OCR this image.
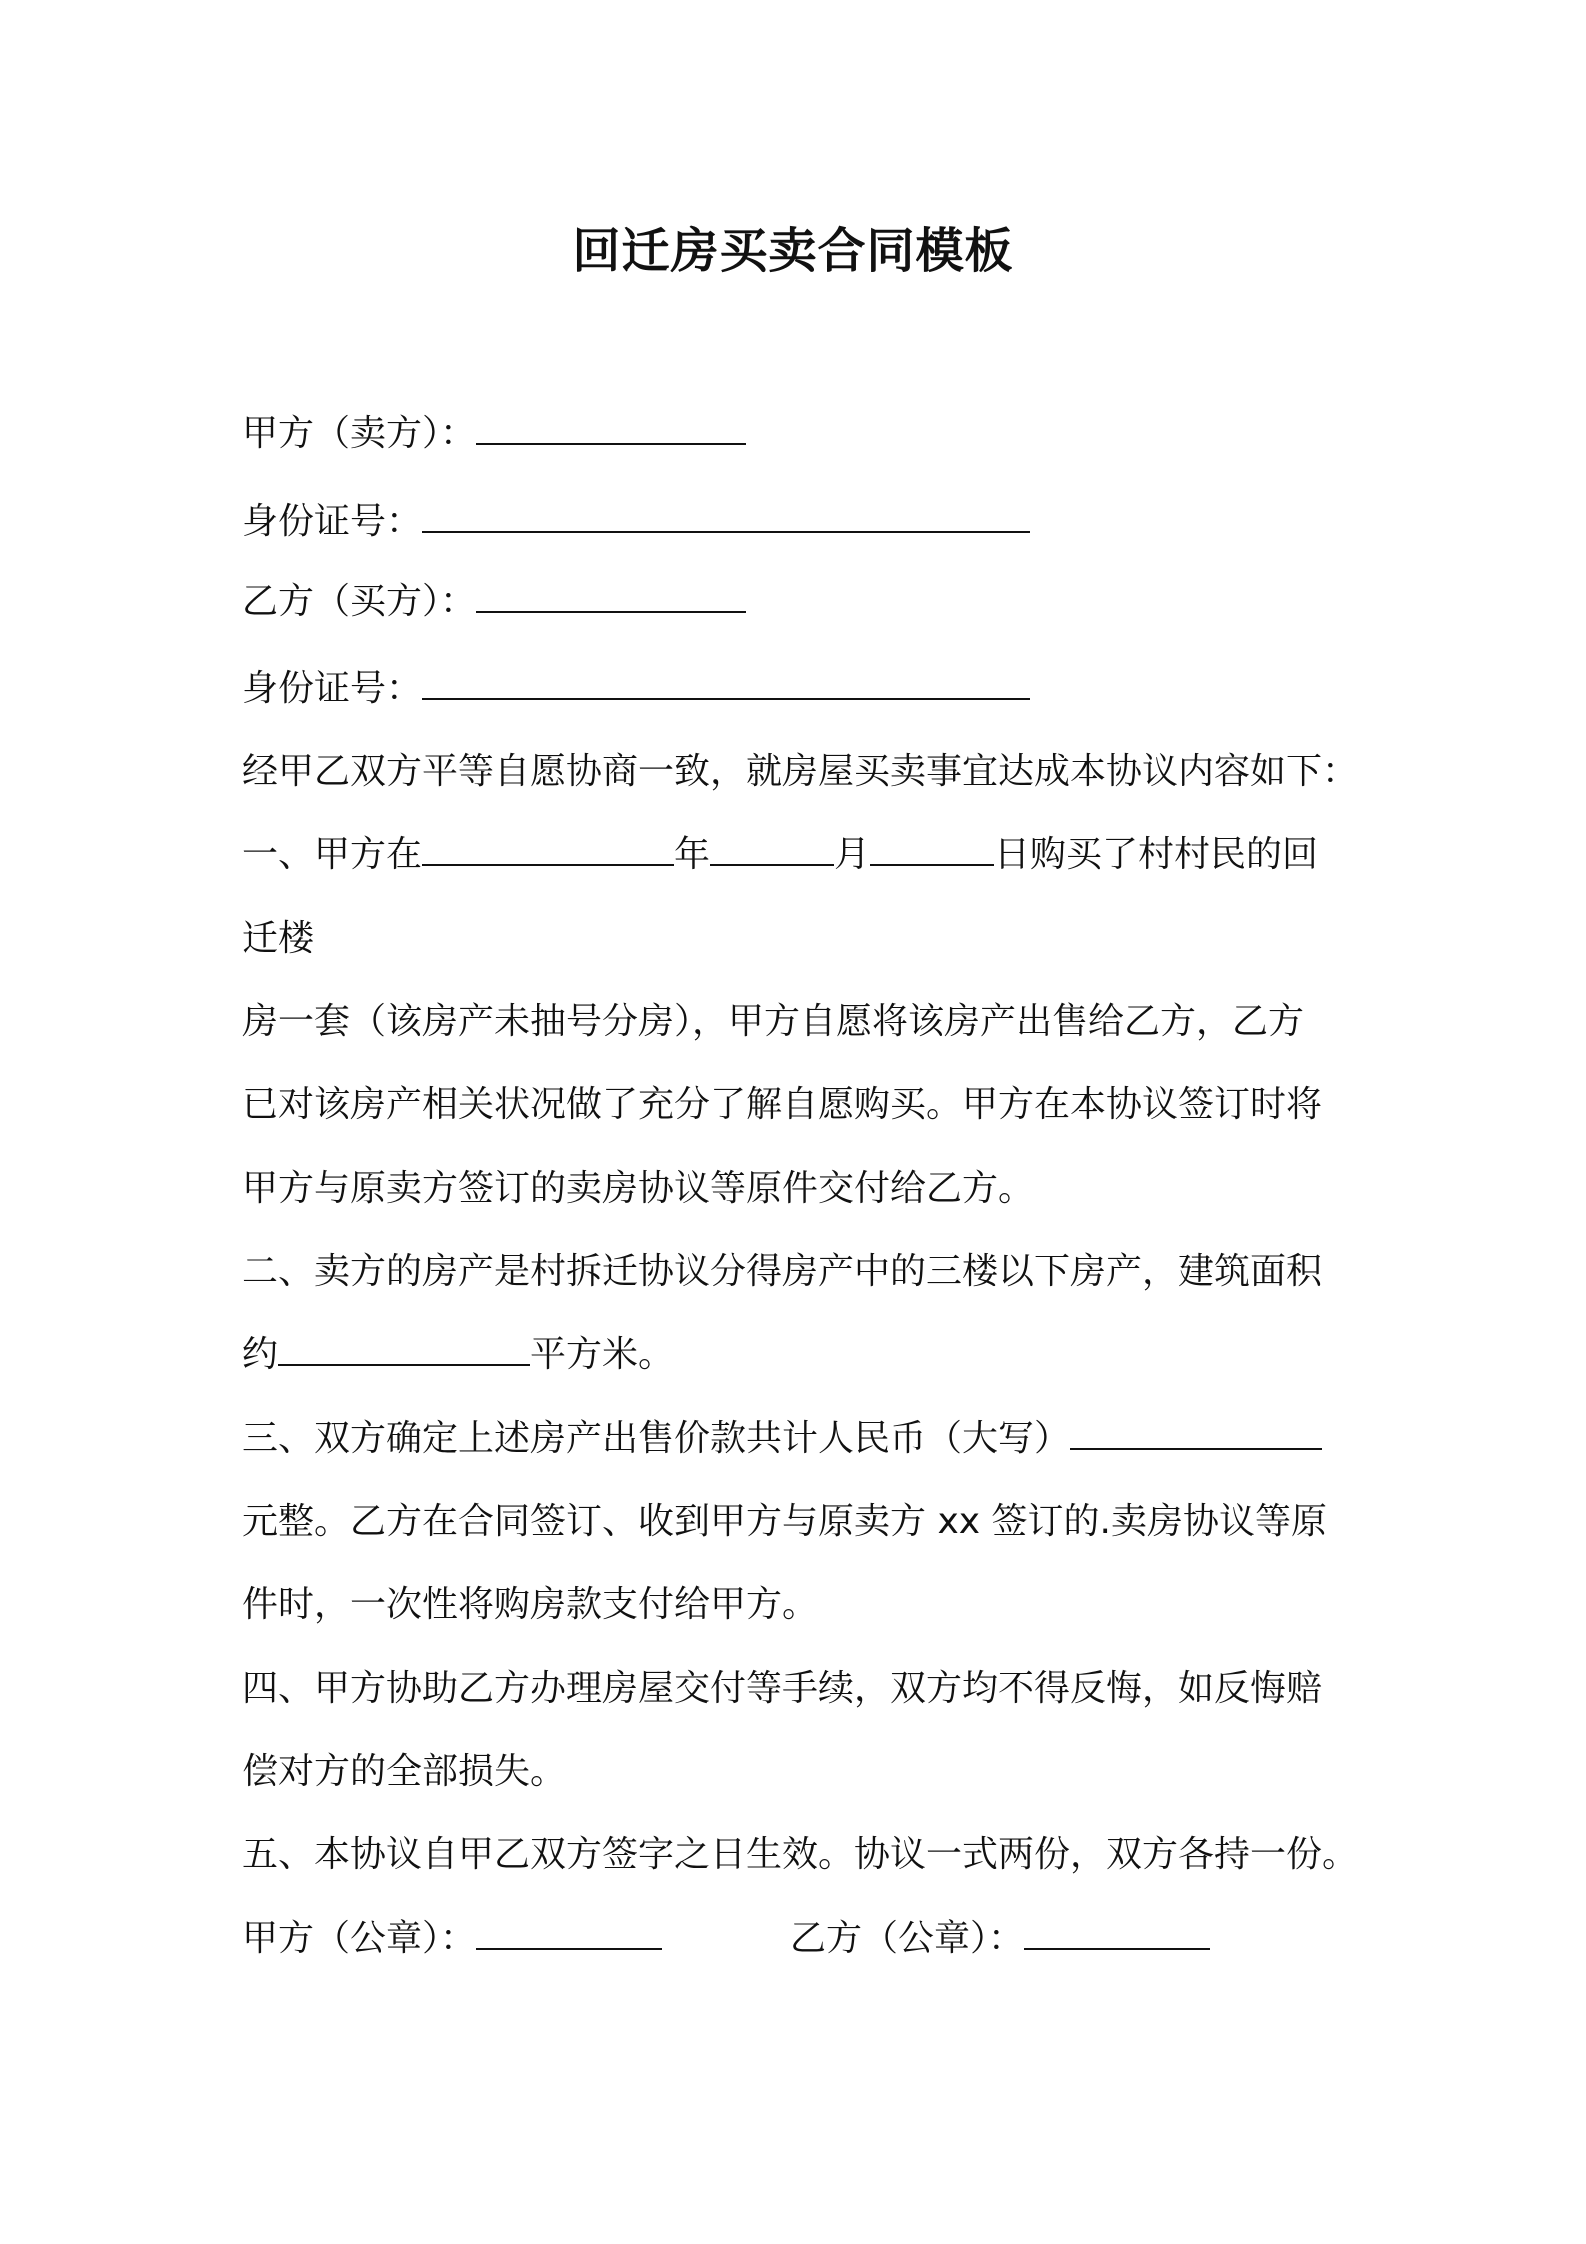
回迁房买卖合同模板
甲方（卖方）：
身份证号：
乙方（买方）：
身份证号：
经甲乙双方平等自愿协商一致，就房屋买卖事宜达成本协议内容如下：
一、甲方在	年	月	日购买了村村民的回
迁楼
房一套（该房产未抽号分房），甲方自愿将该房产出售给乙方，乙方
已对该房产相关状况做了充分了解自愿购买。甲方在本协议签订时将
甲方与原卖方签订的卖房协议等原件交付给乙方。
二、卖方的房产是村拆迁协议分得房产中的三楼以下房产，建筑面积
约	平方米。
三、双方确定上述房产出售价款共计人民币（大写）
元整。乙方在合同签订、收到甲方与原卖方 xx 签订的.卖房协议等原
件时，一次性将购房款支付给甲方。
四、甲方协助乙方办理房屋交付等手续，双方均不得反悔，如反悔赔
偿对方的全部损失。
五、本协议自甲乙双方签字之日生效。协议一式两份，双方各持一份。
甲方（公章）：	乙方（公章）：
